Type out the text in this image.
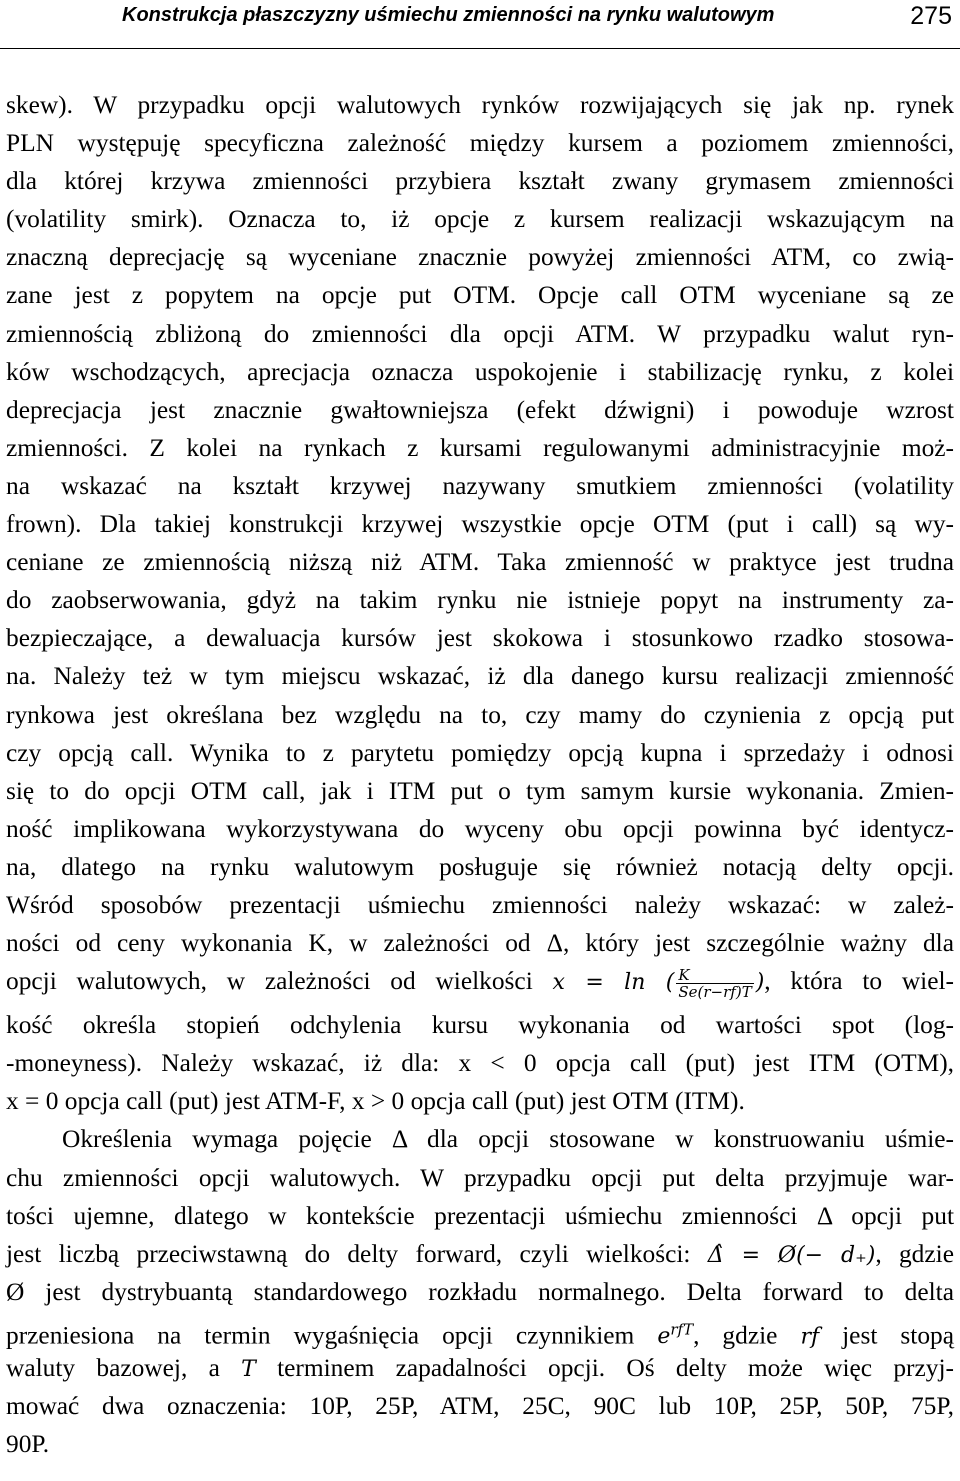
Konstrukcja płaszczyzny uśmiechu zmienności na rynku walutowym	275
skew). W przypadku opcji walutowych rynków rozwijających się jak np. rynek
PLN występuję specyficzna zależność między kursem a poziomem zmienności,
dla której krzywa zmienności przybiera kształt zwany grymasem zmienności
(volatility smirk). Oznacza to, iż opcje z kursem realizacji wskazującym na
znaczną deprecjację są wyceniane znacznie powyżej zmienności ATM, co zwią-
zane jest z popytem na opcje put OTM. Opcje call OTM wyceniane są ze
zmiennością zbliżoną do zmienności dla opcji ATM. W przypadku walut ryn-
ków wschodzących, aprecjacja oznacza uspokojenie i stabilizację rynku, z kolei
deprecjacja jest znacznie gwałtowniejsza (efekt dźwigni) i powoduje wzrost
zmienności. Z kolei na rynkach z kursami regulowanymi administracyjnie moż-
na wskazać na kształt krzywej nazywany smutkiem zmienności (volatility
frown). Dla takiej konstrukcji krzywej wszystkie opcje OTM (put i call) są wy-
ceniane ze zmiennością niższą niż ATM. Taka zmienność w praktyce jest trudna
do zaobserwowania, gdyż na takim rynku nie istnieje popyt na instrumenty za-
bezpieczające, a dewaluacja kursów jest skokowa i stosunkowo rzadko stosowa-
na. Należy też w tym miejscu wskazać, iż dla danego kursu realizacji zmienność
rynkowa jest określana bez względu na to, czy mamy do czynienia z opcją put
czy opcją call. Wynika to z parytetu pomiędzy opcją kupna i sprzedaży i odnosi
się to do opcji OTM call, jak i ITM put o tym samym kursie wykonania. Zmien-
ność implikowana wykorzystywana do wyceny obu opcji powinna być identycz-
na, dlatego na rynku walutowym posługuje się również notacją delty opcji.
Wśród sposobów prezentacji uśmiechu zmienności należy wskazać: w zależ-
ności od ceny wykonania K, w zależności od Δ, który jest szczególnie ważny dla
opcji walutowych, w zależności od wielkości x = ln ( $\frac{K}{Se(r-rf)T}$ ), która to wiel-
kość określa stopień odchylenia kursu wykonania od wartości spot (log-
-moneyness). Należy wskazać, iż dla: x < 0 opcja call (put) jest ITM (OTM),
x = 0 opcja call (put) jest ATM-F, x > 0 opcja call (put) jest OTM (ITM).
Określenia wymaga pojęcie Δ dla opcji stosowane w konstruowaniu uśmie-
chu zmienności opcji walutowych. W przypadku opcji put delta przyjmuje war-
tości ujemne, dlatego w kontekście prezentacji uśmiechu zmienności Δ opcji put
jest liczbą przeciwstawną do delty forward, czyli wielkości: Δ̂ = Ø(− d₊), gdzie
Ø jest dystrybuantą standardowego rozkładu normalnego. Delta forward to delta
przeniesiona na termin wygaśnięcia opcji czynnikiem $e^{rfT}$, gdzie rf jest stopą
waluty bazowej, a T terminem zapadalności opcji. Oś delty może więc przyj-
mować dwa oznaczenia: 10P, 25P, ATM, 25C, 90C lub 10P, 25P, 50P, 75P,
90P.
